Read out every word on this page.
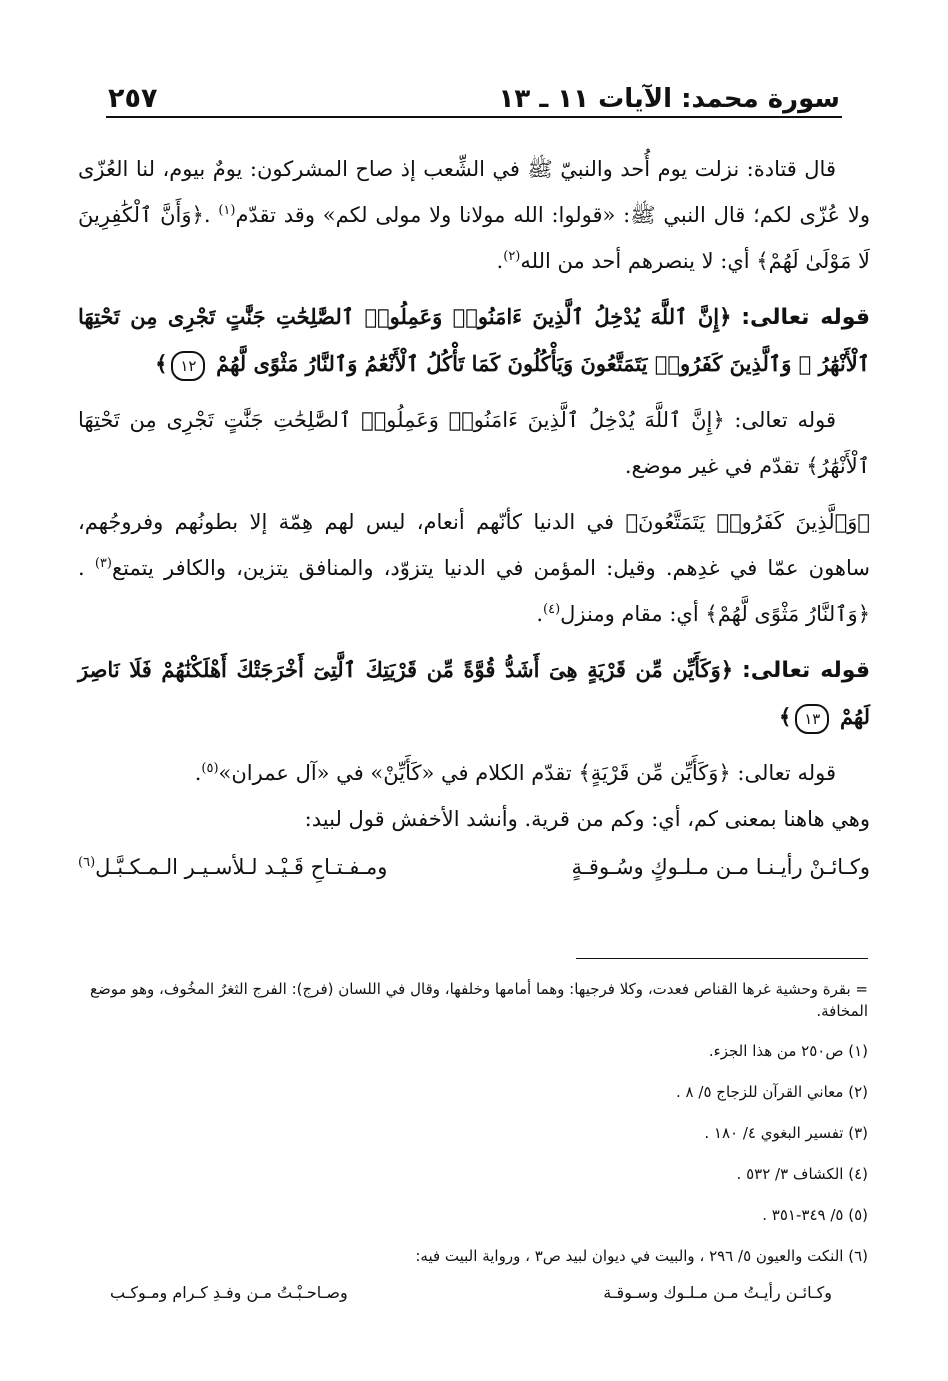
سورة محمد: الآيات ١١ ـ ١٣
٢٥٧

قال قتادة: نزلت يوم أُحد والنبيّ ﷺ في الشِّعب إذ صاح المشركون: يومٌ بيوم، لنا العُزّى ولا عُزّى لكم؛ قال النبي ﷺ: «قولوا: الله مولانا ولا مولى لكم» وقد تقدّم$^{(١)}$ .﴿وَأَنَّ ٱلْكَٰفِرِينَ لَا مَوْلَىٰ لَهُمْ﴾ أي: لا ينصرهم أحد من الله$^{(٢)}$.

قوله تعالى: ﴿إِنَّ ٱللَّهَ يُدْخِلُ ٱلَّذِينَ ءَامَنُوا۟ وَعَمِلُوا۟ ٱلصَّٰلِحَٰتِ جَنَّٰتٍ تَجْرِى مِن تَحْتِهَا ٱلْأَنْهَٰرُ ۖ وَٱلَّذِينَ كَفَرُوا۟ يَتَمَتَّعُونَ وَيَأْكُلُونَ كَمَا تَأْكُلُ ٱلْأَنْعَٰمُ وَٱلنَّارُ مَثْوًى لَّهُمْ ١٢﴾

قوله تعالى: ﴿إِنَّ ٱللَّهَ يُدْخِلُ ٱلَّذِينَ ءَامَنُوا۟ وَعَمِلُوا۟ ٱلصَّٰلِحَٰتِ جَنَّٰتٍ تَجْرِى مِن تَحْتِهَا ٱلْأَنْهَٰرُ﴾ تقدّم في غير موضع.

﴿وَٱلَّذِينَ كَفَرُوا۟ يَتَمَتَّعُونَ﴾ في الدنيا كأنّهم أنعام، ليس لهم هِمّة إلا بطونُهم وفروجُهم، ساهون عمّا في غدِهم. وقيل: المؤمن في الدنيا يتزوّد، والمنافق يتزين، والكافر يتمتع$^{(٣)}$ .﴿وَٱلنَّارُ مَثْوًى لَّهُمْ﴾ أي: مقام ومنزل$^{(٤)}$.

قوله تعالى: ﴿وَكَأَيِّن مِّن قَرْيَةٍ هِىَ أَشَدُّ قُوَّةً مِّن قَرْيَتِكَ ٱلَّتِىٓ أَخْرَجَتْكَ أَهْلَكْنَٰهُمْ فَلَا نَاصِرَ لَهُمْ ١٣﴾

قوله تعالى: ﴿وَكَأَيِّن مِّن قَرْيَةٍ﴾ تقدّم الكلام في «كَأَيِّنْ» في «آل عمران»$^{(٥)}$.
وهي هاهنا بمعنى كم، أي: وكم من قرية. وأنشد الأخفش قول لبيد:

وكـائـنْ رأيـنـا مـن مـلـوكٍ وسُـوقـةٍ
ومـفـتـاحِ قَـيْـد لـلأسـيـر الـمـكـبَّـل$^{(٦)}$

= بقرة وحشية غرها القناص فعدت، وكلا فرجيها: وهما أمامها وخلفها، وقال في اللسان (فرج): الفرج الثغرُ المخُوف، وهو موضع المخافة.

(١) ص٢٥٠ من هذا الجزء.

(٢) معاني القرآن للزجاج ٥/ ٨ .

(٣) تفسير البغوي ٤/ ١٨٠ .

(٤) الكشاف ٣/ ٥٣٢ .

(٥) ٥/ ٣٤٩-٣٥١ .

(٦) النكت والعيون ٥/ ٢٩٦ ، والبيت في ديوان لبيد ص٣ ، ورواية البيت فيه:

وكـائـن رأيـتُ مـن مـلـوك وسـوقـة
وصـاحـبْـتُ مـن وفـدِ كـرام ومـوكـب
